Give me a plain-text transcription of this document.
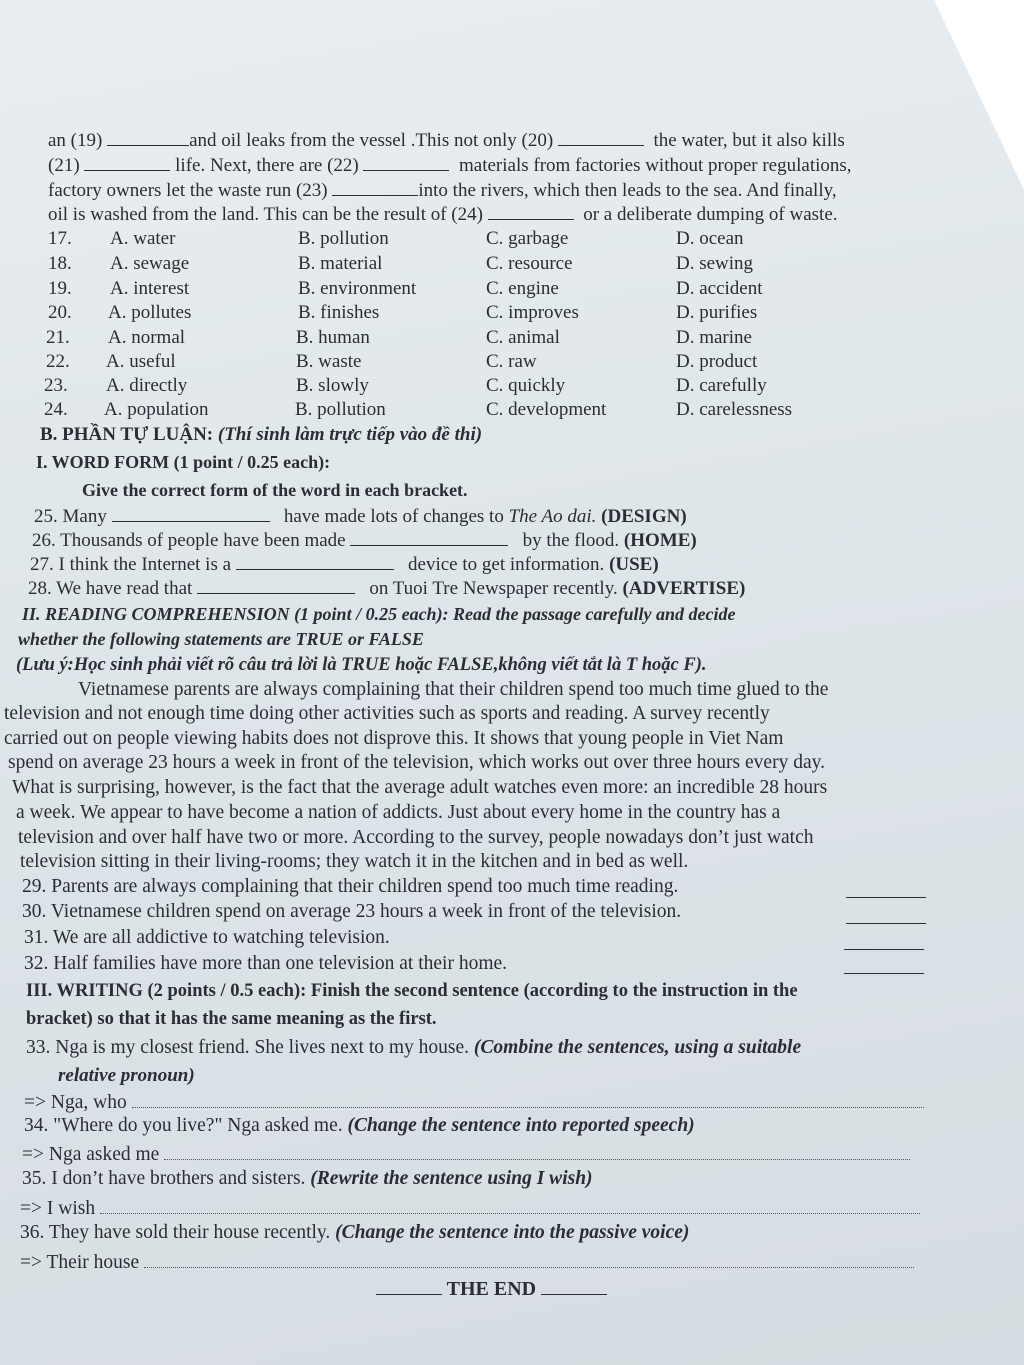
an (19)	and oil leaks from the vessel .This not only (20)	the water, but it also kills
(21)	life. Next, there are (22)	materials from factories without proper regulations,
factory owners let the waste run (23)	into the rivers, which then leads to the sea. And finally,
oil is washed from the land. This can be the result of (24)	or a deliberate dumping of waste.
17. A. water	B. pollution	C. garbage	D. ocean
18. A. sewage	B. material	C. resource	D. sewing
19. A. interest	B. environment	C. engine	D. accident
20. A. pollutes	B. finishes	C. improves	D. purifies
21. A. normal	B. human	C. animal	D. marine
22. A. useful	B. waste	C. raw	D. product
23. A. directly	B. slowly	C. quickly	D. carefully
24. A. population	B. pollution	C. development	D. carelessness
B. PHẦN TỰ LUẬN: (Thí sinh làm trực tiếp vào đề thi)
I. WORD FORM (1 point / 0.25 each):
Give the correct form of the word in each bracket.
25. Many	have made lots of changes to The Ao dai. (DESIGN)
26. Thousands of people have been made	by the flood. (HOME)
27. I think the Internet is a	device to get information. (USE)
28. We have read that	on Tuoi Tre Newspaper recently. (ADVERTISE)
II. READING COMPREHENSION (1 point / 0.25 each): Read the passage carefully and decide
whether the following statements are TRUE or FALSE
(Lưu ý:Học sinh phải viết rõ câu trả lời là TRUE hoặc FALSE,không viết tắt là T hoặc F).
Vietnamese parents are always complaining that their children spend too much time glued to the
television and not enough time doing other activities such as sports and reading. A survey recently
carried out on people viewing habits does not disprove this. It shows that young people in Viet Nam
spend on average 23 hours a week in front of the television, which works out over three hours every day.
What is surprising, however, is the fact that the average adult watches even more: an incredible 28 hours
a week. We appear to have become a nation of addicts. Just about every home in the country has a
television and over half have two or more. According to the survey, people nowadays don’t just watch
television sitting in their living-rooms; they watch it in the kitchen and in bed as well.
29. Parents are always complaining that their children spend too much time reading.
30. Vietnamese children spend on average 23 hours a week in front of the television.
31. We are all addictive to watching television.
32. Half families have more than one television at their home.
III. WRITING (2 points / 0.5 each): Finish the second sentence (according to the instruction in the
bracket) so that it has the same meaning as the first.
33. Nga is my closest friend. She lives next to my house. (Combine the sentences, using a suitable
relative pronoun)
=> Nga, who
34. "Where do you live?" Nga asked me. (Change the sentence into reported speech)
=> Nga asked me
35. I don’t have brothers and sisters. (Rewrite the sentence using I wish)
=> I wish
36. They have sold their house recently. (Change the sentence into the passive voice)
=> Their house
THE END
